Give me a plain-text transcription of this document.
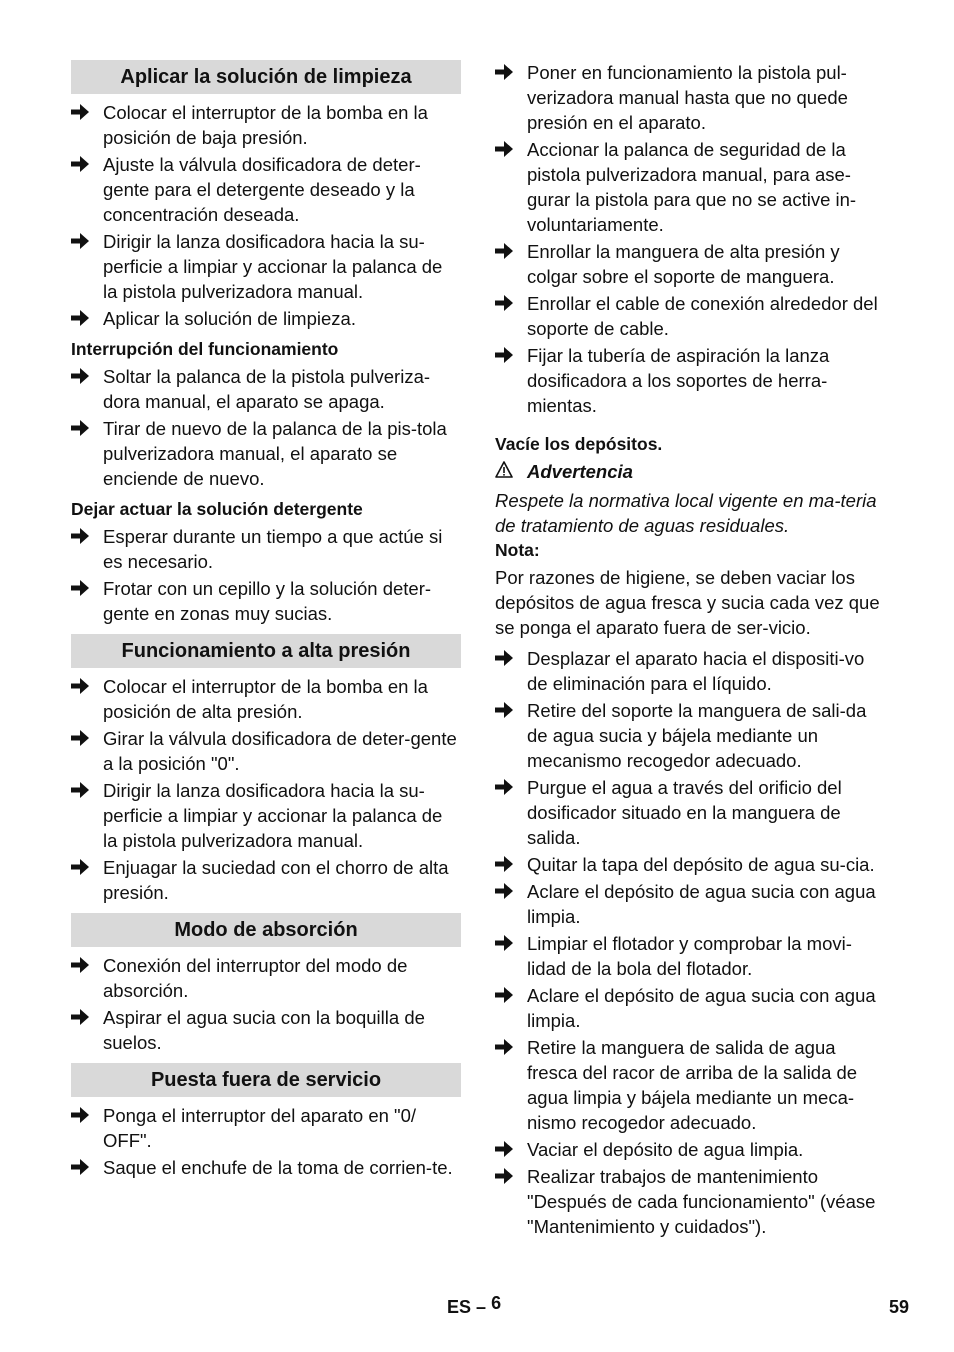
Aplicar la solución de limpieza
Colocar el interruptor de la bomba en la posición de baja presión.
Ajuste la válvula dosificadora de deter-gente para el detergente deseado y la concentración deseada.
Dirigir la lanza dosificadora hacia la su-perficie a limpiar y accionar la palanca de la pistola pulverizadora manual.
Aplicar la solución de limpieza.
Interrupción del funcionamiento
Soltar la palanca de la pistola pulveriza-dora manual, el aparato se apaga.
Tirar de nuevo de la palanca de la pis-tola pulverizadora manual, el aparato se enciende de nuevo.
Dejar actuar la solución detergente
Esperar durante un tiempo a que actúe si es necesario.
Frotar con un cepillo y la solución deter-gente en zonas muy sucias.
Funcionamiento a alta presión
Colocar el interruptor de la bomba en la posición de alta presión.
Girar la válvula dosificadora de deter-gente a la posición "0".
Dirigir la lanza dosificadora hacia la su-perficie a limpiar y accionar la palanca de la pistola pulverizadora manual.
Enjuagar la suciedad con el chorro de alta presión.
Modo de absorción
Conexión del interruptor del modo de absorción.
Aspirar el agua sucia con la boquilla de suelos.
Puesta fuera de servicio
Ponga el interruptor del aparato en "0/ OFF".
Saque el enchufe de la toma de corrien-te.
Poner en funcionamiento la pistola pul-verizadora manual hasta que no quede presión en el aparato.
Accionar la palanca de seguridad de la pistola pulverizadora manual, para ase-gurar la pistola para que no se active in-voluntariamente.
Enrollar la manguera de alta presión y colgar sobre el soporte de manguera.
Enrollar el cable de conexión alrededor del soporte de cable.
Fijar la tubería de aspiración la lanza dosificadora a los soportes de herra-mientas.
Vacíe los depósitos.
Advertencia
Respete la normativa local vigente en ma-teria de tratamiento de aguas residuales.
Nota:
Por razones de higiene, se deben vaciar los depósitos de agua fresca y sucia cada vez que se ponga el aparato fuera de ser-vicio.
Desplazar el aparato hacia el dispositi-vo de eliminación para el líquido.
Retire del soporte la manguera de sali-da de agua sucia y bájela mediante un mecanismo recogedor adecuado.
Purgue el agua a través del orificio del dosificador situado en la manguera de salida.
Quitar la tapa del depósito de agua su-cia.
Aclare el depósito de agua sucia con agua limpia.
Limpiar el flotador y comprobar la movi-lidad de la bola del flotador.
Aclare el depósito de agua sucia con agua limpia.
Retire la manguera de salida de agua fresca del racor de arriba de la salida de agua limpia y bájela mediante un meca-nismo recogedor adecuado.
Vaciar el depósito de agua limpia.
Realizar trabajos de mantenimiento "Después de cada funcionamiento" (véase "Mantenimiento y cuidados").
ES – 6	59
